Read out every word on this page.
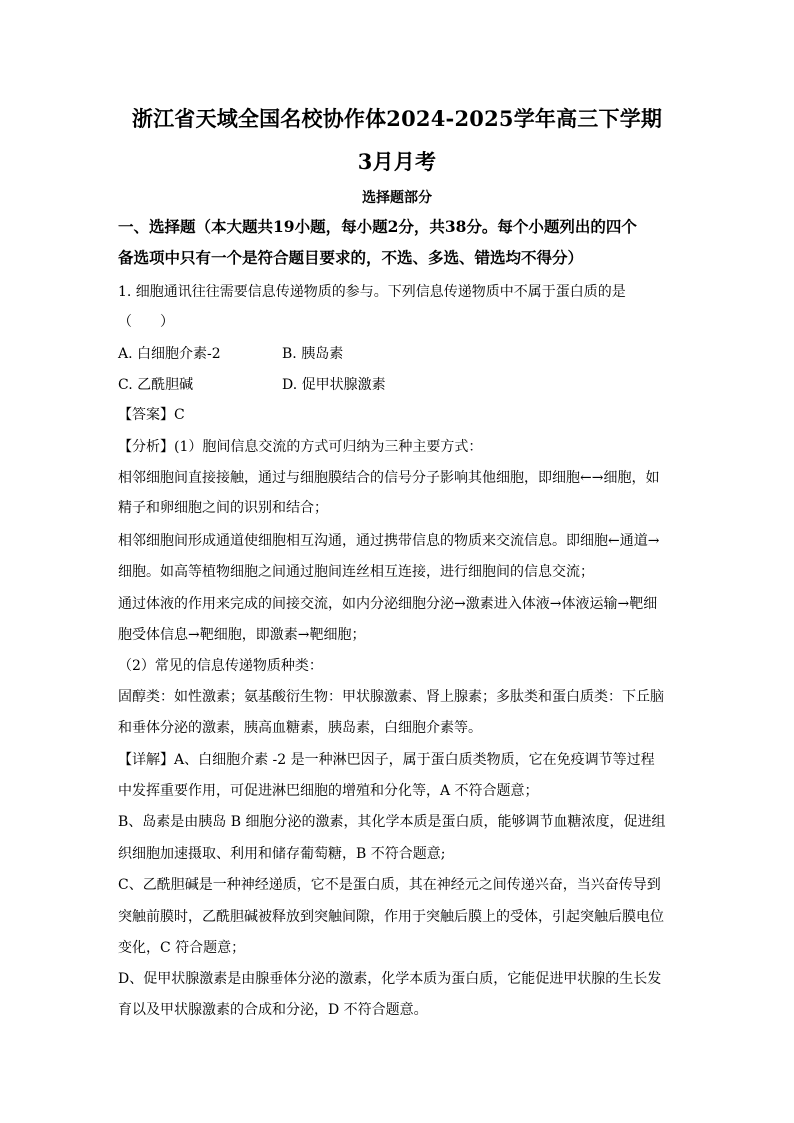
浙江省天域全国名校协作体2024-2025学年高三下学期
3月月考
选择题部分
一、选择题（本大题共19小题，每小题2分，共38分。每个小题列出的四个
备选项中只有一个是符合题目要求的，不选、多选、错选均不得分）
1. 细胞通讯往往需要信息传递物质的参与。下列信息传递物质中不属于蛋白质的是
（　　）
A. 白细胞介素-2	B. 胰岛素
C. 乙酰胆碱	D. 促甲状腺激素
【答案】C
【分析】(1）胞间信息交流的方式可归纳为三种主要方式：
相邻细胞间直接接触，通过与细胞膜结合的信号分子影响其他细胞，即细胞←→细胞，如
精子和卵细胞之间的识别和结合；
相邻细胞间形成通道使细胞相互沟通，通过携带信息的物质来交流信息。即细胞←通道→
细胞。如高等植物细胞之间通过胞间连丝相互连接，进行细胞间的信息交流；
通过体液的作用来完成的间接交流，如内分泌细胞分泌→激素进入体液→体液运输→靶细
胞受体信息→靶细胞，即激素→靶细胞；
（2）常见的信息传递物质种类：
固醇类：如性激素；氨基酸衍生物：甲状腺激素、肾上腺素；多肽类和蛋白质类：下丘脑
和垂体分泌的激素，胰高血糖素，胰岛素，白细胞介素等。
【详解】A、白细胞介素 -2 是一种淋巴因子，属于蛋白质类物质，它在免疫调节等过程
中发挥重要作用，可促进淋巴细胞的增殖和分化等，A 不符合题意；
B、岛素是由胰岛 B 细胞分泌的激素，其化学本质是蛋白质，能够调节血糖浓度，促进组
织细胞加速摄取、利用和储存葡萄糖，B 不符合题意;
C、乙酰胆碱是一种神经递质，它不是蛋白质，其在神经元之间传递兴奋，当兴奋传导到
突触前膜时，乙酰胆碱被释放到突触间隙，作用于突触后膜上的受体，引起突触后膜电位
变化，C 符合题意；
D、促甲状腺激素是由腺垂体分泌的激素，化学本质为蛋白质，它能促进甲状腺的生长发
育以及甲状腺激素的合成和分泌，D 不符合题意。
